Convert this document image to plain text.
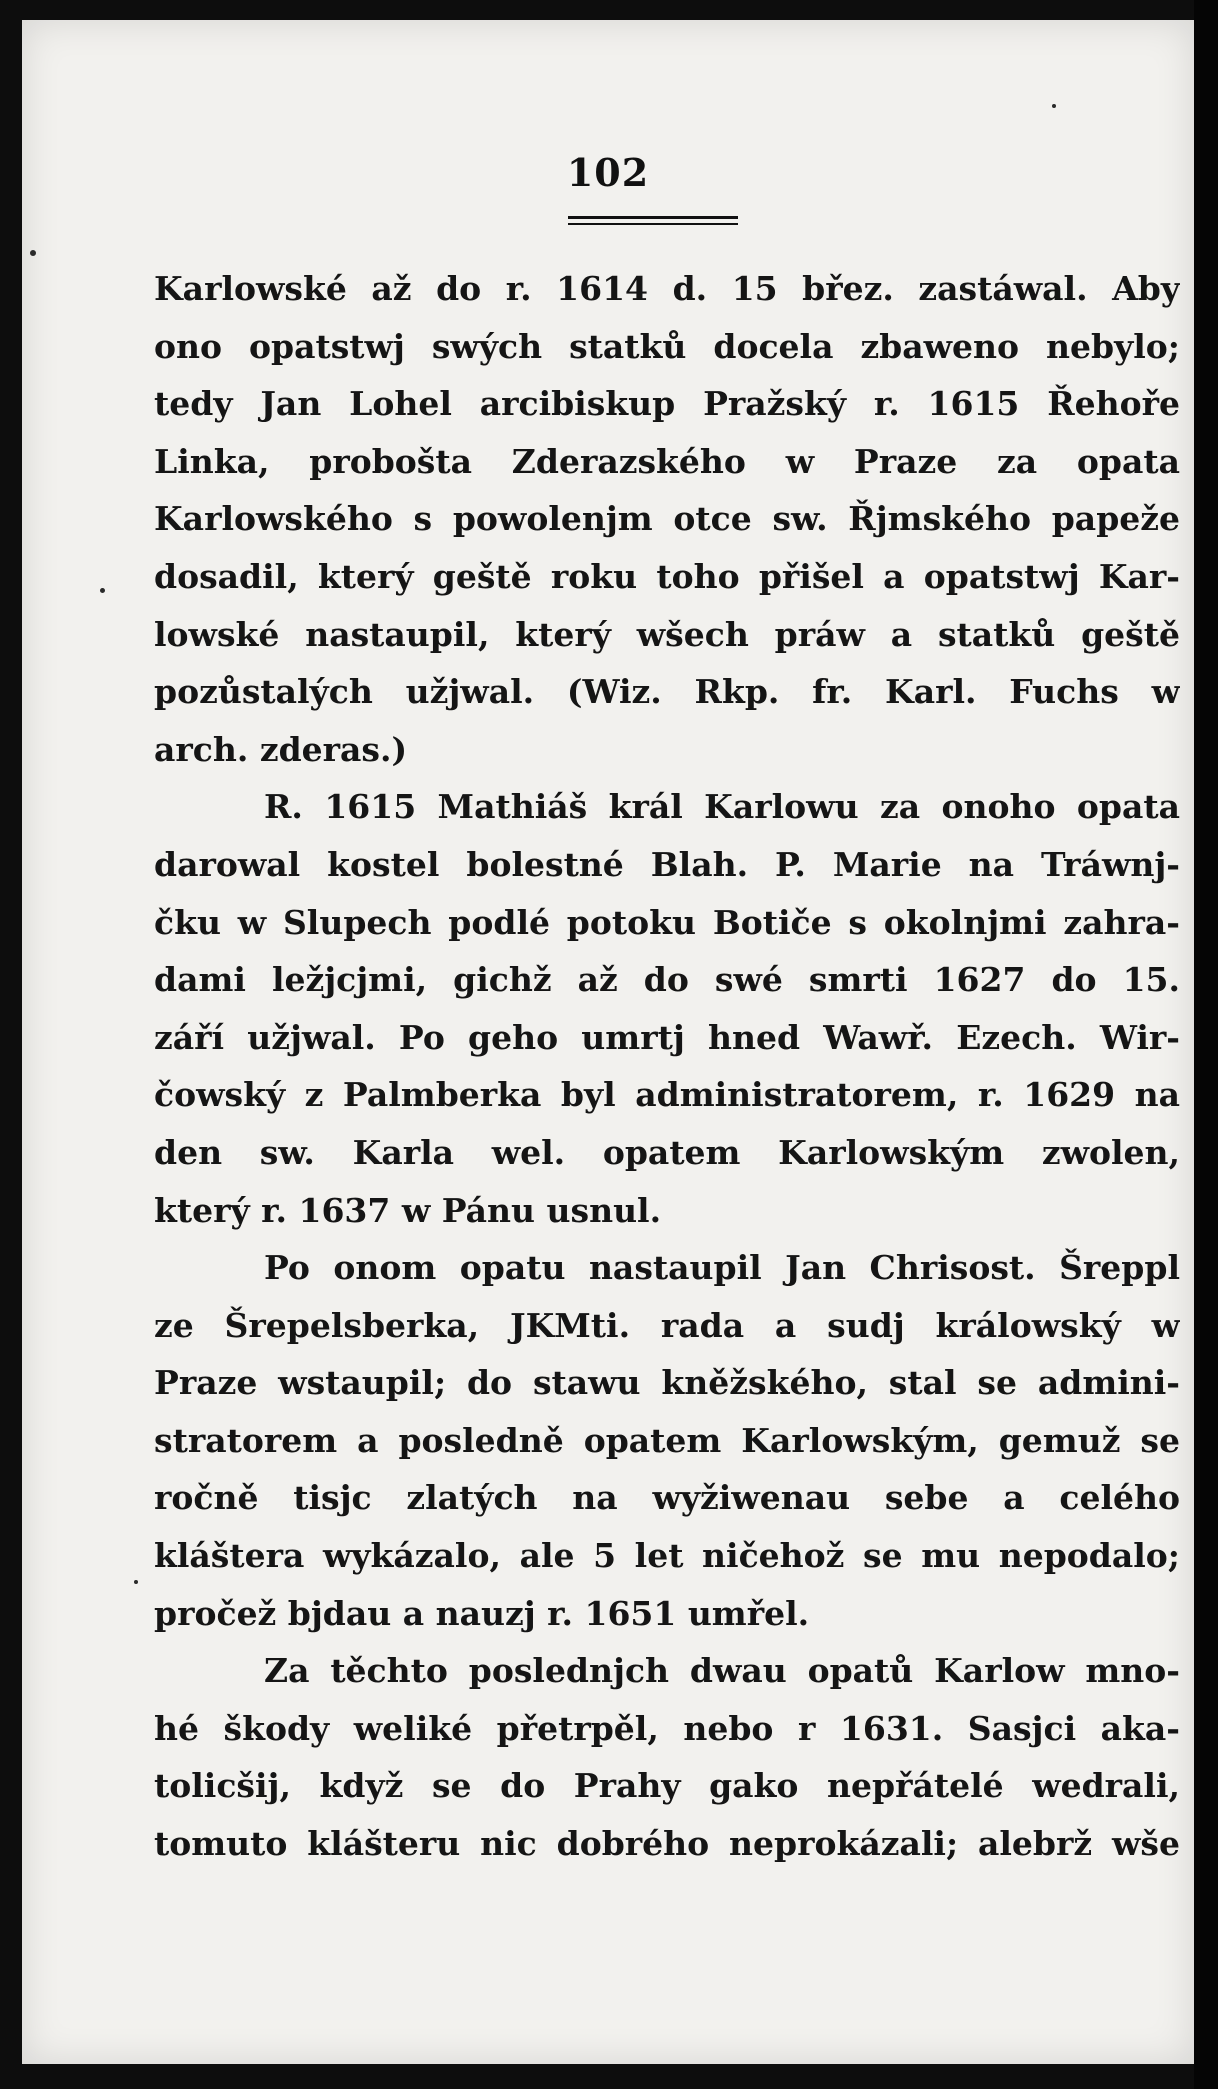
102
Karlowské až do r. 1614 d. 15 břez. zastáwal. Aby
ono opatstwj swých statků docela zbaweno nebylo;
tedy Jan Lohel arcibiskup Pražský r. 1615 Řehoře
Linka, probošta Zderazského w Praze za opata
Karlowského s powolenjm otce sw. Řjmského papeže
dosadil, který geště roku toho přišel a opatstwj Kar-
lowské nastaupil, který wšech práw a statků geště
pozůstalých užjwal. (Wiz. Rkp. fr. Karl. Fuchs w
arch. zderas.)
R. 1615 Mathiáš král Karlowu za onoho opata
darowal kostel bolestné Blah. P. Marie na Tráwnj-
čku w Slupech podlé potoku Botiče s okolnjmi zahra-
dami ležjcjmi, gichž až do swé smrti 1627 do 15.
září užjwal. Po geho umrtj hned Wawř. Ezech. Wir-
čowský z Palmberka byl administratorem, r. 1629 na
den sw. Karla wel. opatem Karlowským zwolen,
který r. 1637 w Pánu usnul.
Po onom opatu nastaupil Jan Chrisost. Šreppl
ze Šrepelsberka, JKMti. rada a sudj králowský w
Praze wstaupil; do stawu kněžského, stal se admini-
stratorem a posledně opatem Karlowským, gemuž se
ročně tisjc zlatých na wyžiwenau sebe a celého
kláštera wykázalo, ale 5 let ničehož se mu nepodalo;
pročež bjdau a nauzj r. 1651 umřel.
Za těchto poslednjch dwau opatů Karlow mno-
hé škody weliké přetrpěl, nebo r 1631. Sasjci aka-
tolicšij, když se do Prahy gako nepřátelé wedrali,
tomuto klášteru nic dobrého neprokázali; alebrž wše
